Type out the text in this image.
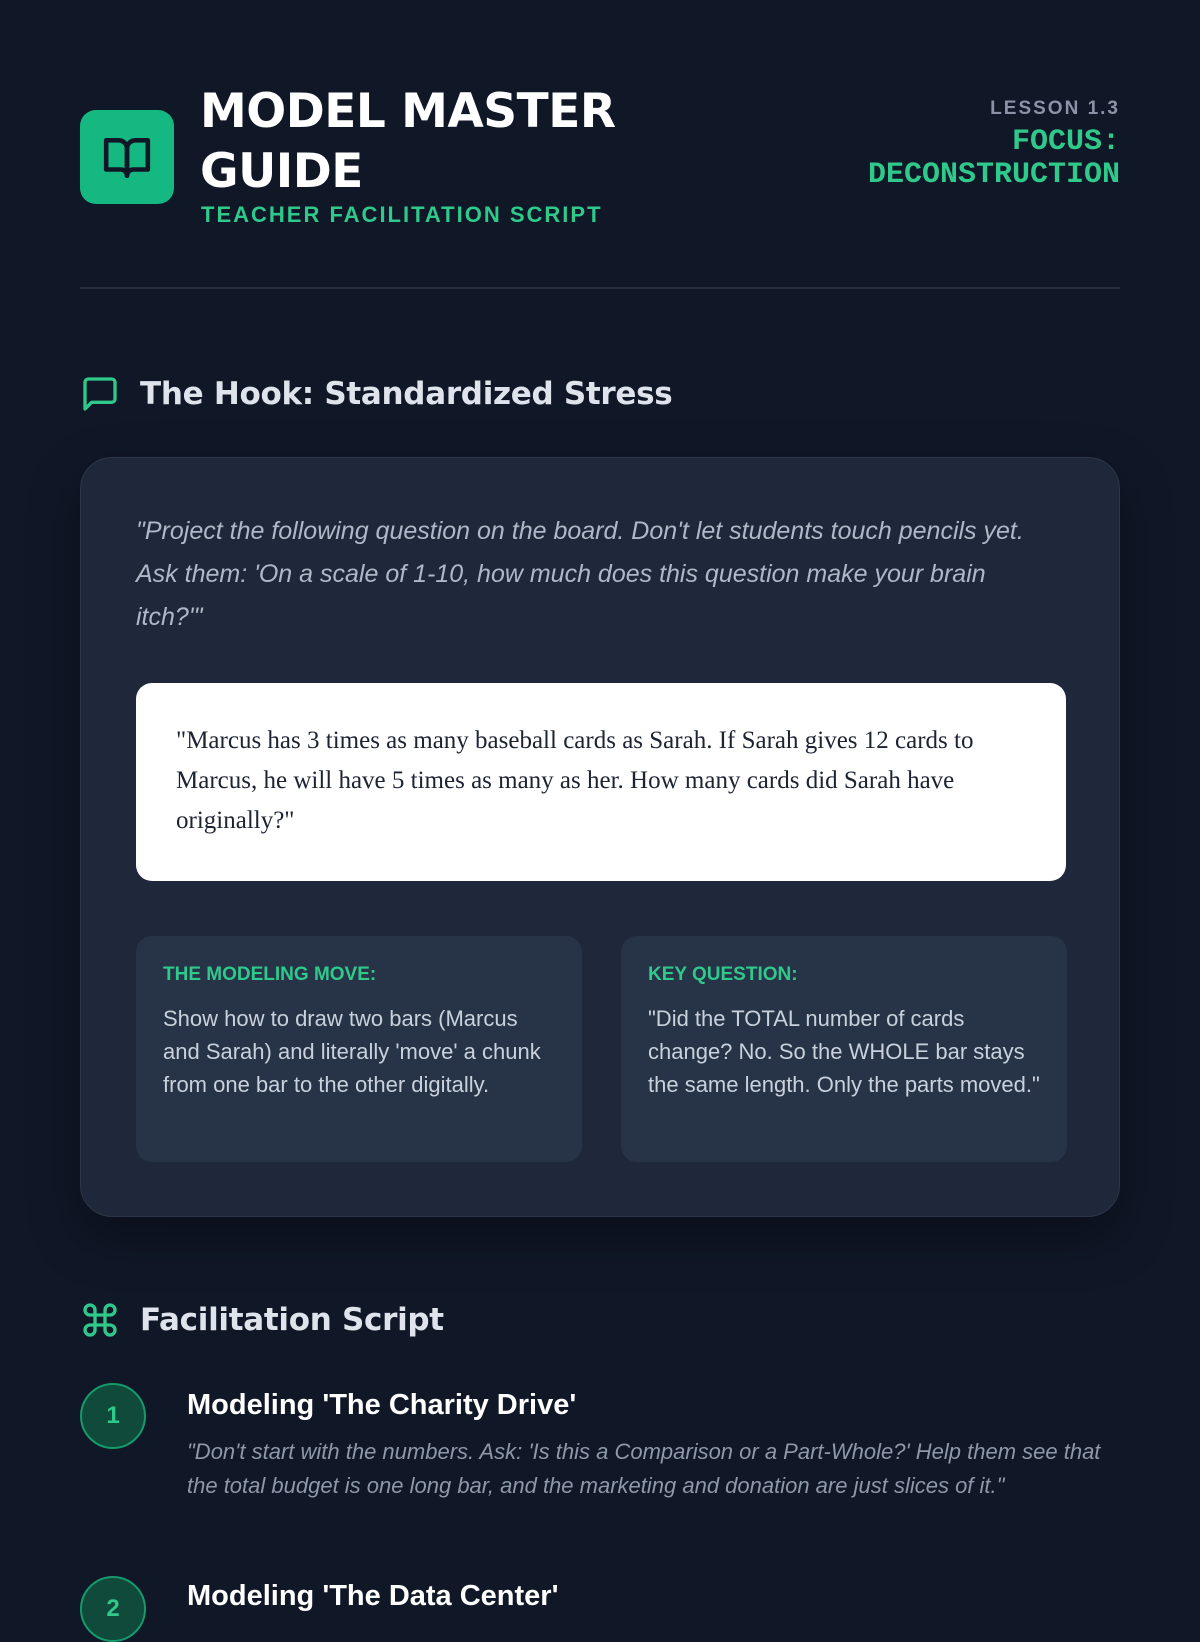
MODEL MASTER GUIDE
TEACHER FACILITATION SCRIPT
LESSON 1.3
FOCUS: DECONSTRUCTION
The Hook: Standardized Stress
"Project the following question on the board. Don't let students touch pencils yet. Ask them: 'On a scale of 1-10, how much does this question make your brain itch?'"
"Marcus has 3 times as many baseball cards as Sarah. If Sarah gives 12 cards to Marcus, he will have 5 times as many as her. How many cards did Sarah have originally?"
THE MODELING MOVE:
Show how to draw two bars (Marcus and Sarah) and literally 'move' a chunk from one bar to the other digitally.
KEY QUESTION:
"Did the TOTAL number of cards change? No. So the WHOLE bar stays the same length. Only the parts moved."
Facilitation Script
1	Modeling 'The Charity Drive'
"Don't start with the numbers. Ask: 'Is this a Comparison or a Part-Whole?' Help them see that the total budget is one long bar, and the marketing and donation are just slices of it."
2	Modeling 'The Data Center'
